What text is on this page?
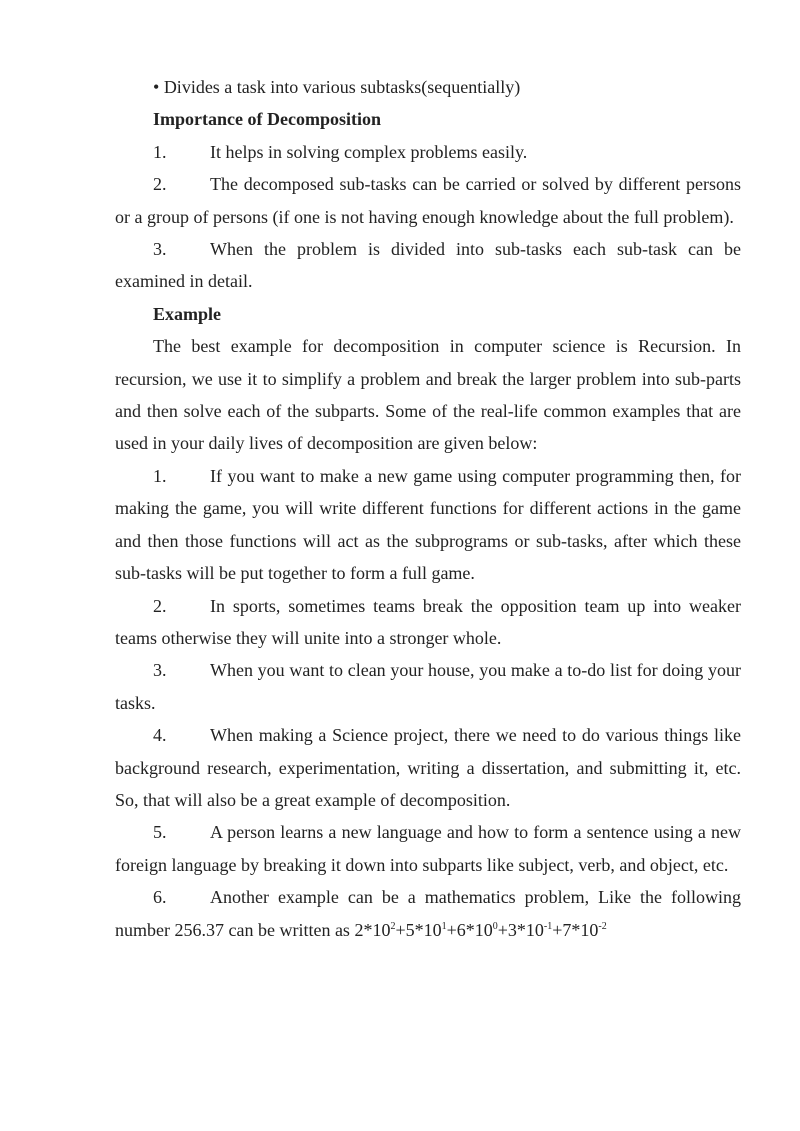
• Divides a task into various subtasks(sequentially)

Importance of Decomposition

1. It helps in solving complex problems easily.

2. The decomposed sub-tasks can be carried or solved by different persons or a group of persons (if one is not having enough knowledge about the full problem).

3. When the problem is divided into sub-tasks each sub-task can be examined in detail.

Example

The best example for decomposition in computer science is Recursion. In recursion, we use it to simplify a problem and break the larger problem into sub-parts and then solve each of the subparts. Some of the real-life common examples that are used in your daily lives of decomposition are given below:

1. If you want to make a new game using computer programming then, for making the game, you will write different functions for different actions in the game and then those functions will act as the subprograms or sub-tasks, after which these sub-tasks will be put together to form a full game.

2. In sports, sometimes teams break the opposition team up into weaker teams otherwise they will unite into a stronger whole.

3. When you want to clean your house, you make a to-do list for doing your tasks.

4. When making a Science project, there we need to do various things like background research, experimentation, writing a dissertation, and submitting it, etc. So, that will also be a great example of decomposition.

5. A person learns a new language and how to form a sentence using a new foreign language by breaking it down into subparts like subject, verb, and object, etc.

6. Another example can be a mathematics problem, Like the following number 256.37 can be written as $2*10^2+5*10^1+6*10^0+3*10^{-1}+7*10^{-2}$
